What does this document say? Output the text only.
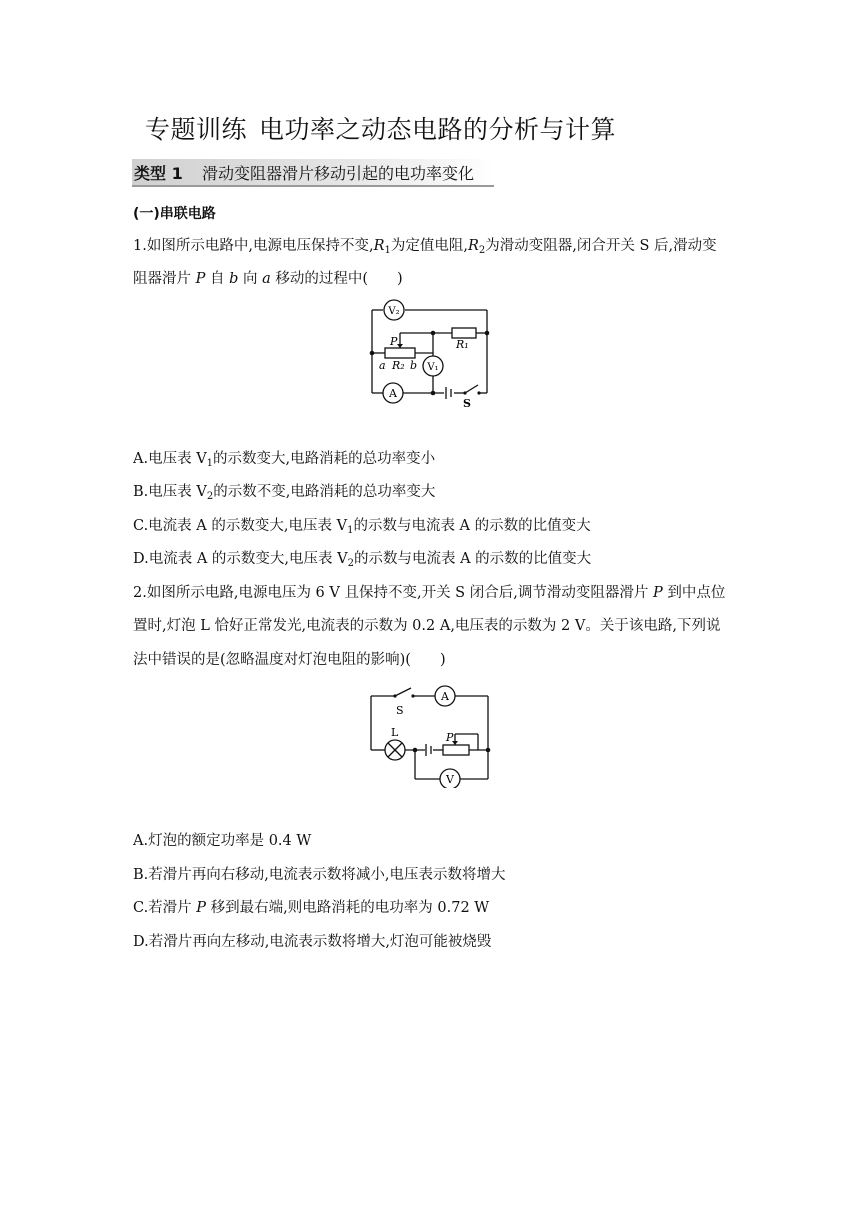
专题训练 电功率之动态电路的分析与计算
类型 1 滑动变阻器滑片移动引起的电功率变化
(一)串联电路
1.如图所示电路中,电源电压保持不变$,R_1$为定值电阻$,R_2$为滑动变阻器,闭合开关 S 后,滑动变
阻器滑片 P 自 b 向 a 移动的过程中(　　)
V₂
V₁
A
P	R₁
a R₂ b
S
A.电压表 $V_1$的示数变大,电路消耗的总功率变小
B.电压表 $V_2$的示数不变,电路消耗的总功率变大
C.电流表 A 的示数变大,电压表 $V_1$的示数与电流表 A 的示数的比值变大
D.电流表 A 的示数变大,电压表 $V_2$的示数与电流表 A 的示数的比值变大
2.如图所示电路,电源电压为 6 V 且保持不变,开关 S 闭合后,调节滑动变阻器滑片 P 到中点位
置时,灯泡 L 恰好正常发光,电流表的示数为 0.2 A,电压表的示数为 2 V。关于该电路,下列说
法中错误的是(忽略温度对灯泡电阻的影响)(　　)
A
V
S
L	P
A.灯泡的额定功率是 0.4 W
B.若滑片再向右移动,电流表示数将减小,电压表示数将增大
C.若滑片 P 移到最右端,则电路消耗的电功率为 0.72 W
D.若滑片再向左移动,电流表示数将增大,灯泡可能被烧毁
